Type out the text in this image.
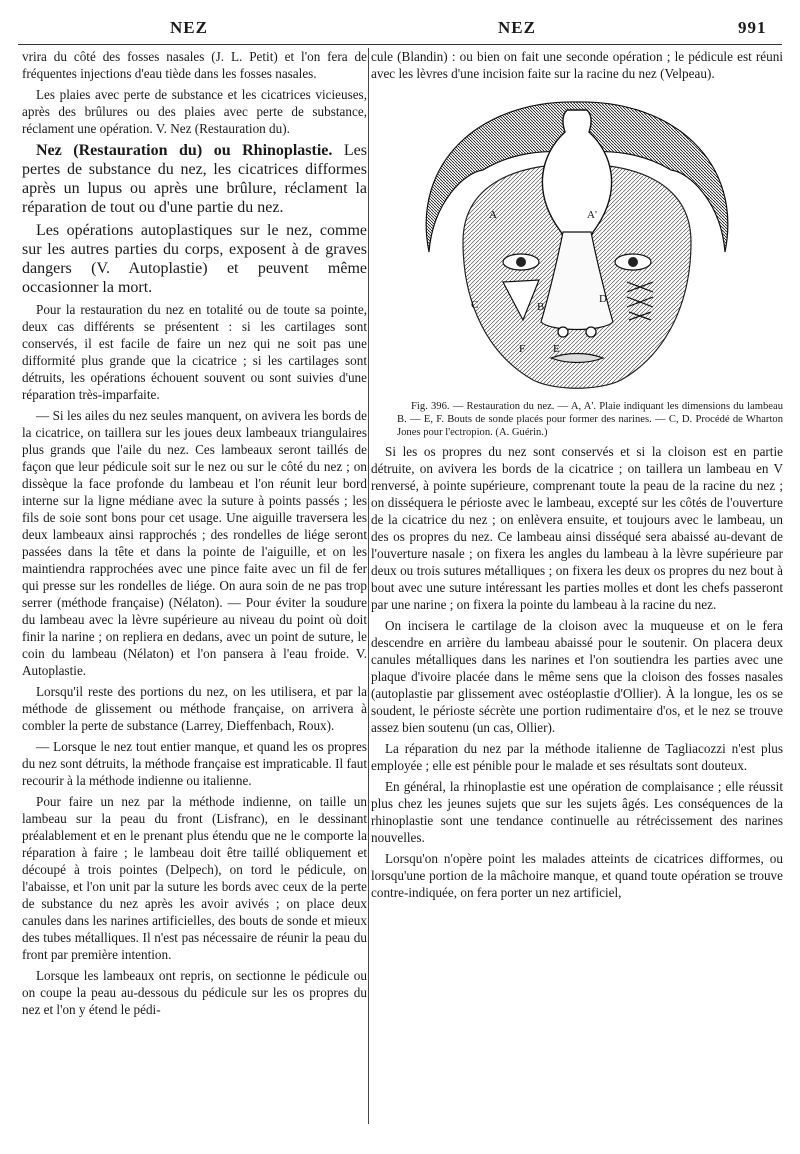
NEZ	NEZ	991

vrira du côté des fosses nasales (J. L. Petit) et l'on fera de fréquentes injections d'eau tiède dans les fosses nasales.

Les plaies avec perte de substance et les cicatrices vicieuses, après des brûlures ou des plaies avec perte de substance, réclament une opération. V. Nez (Restauration du).

Nez (Restauration du) ou Rhinoplastie. Les pertes de substance du nez, les cicatrices difformes après un lupus ou après une brûlure, réclament la réparation de tout ou d'une partie du nez.

Les opérations autoplastiques sur le nez, comme sur les autres parties du corps, exposent à de graves dangers (V. Autoplastie) et peuvent même occasionner la mort.

Pour la restauration du nez en totalité ou de toute sa pointe, deux cas différents se présentent : si les cartilages sont conservés, il est facile de faire un nez qui ne soit pas une difformité plus grande que la cicatrice ; si les cartilages sont détruits, les opérations échouent souvent ou sont suivies d'une réparation très-imparfaite.

— Si les ailes du nez seules manquent, on avivera les bords de la cicatrice, on taillera sur les joues deux lambeaux triangulaires plus grands que l'aile du nez. Ces lambeaux seront taillés de façon que leur pédicule soit sur le nez ou sur le côté du nez ; on dissèque la face profonde du lambeau et l'on réunit leur bord interne sur la ligne médiane avec la suture à points passés ; les fils de soie sont bons pour cet usage. Une aiguille traversera les deux lambeaux ainsi rapprochés ; des rondelles de liége seront passées dans la tête et dans la pointe de l'aiguille, et on les maintiendra rapprochées avec une pince faite avec un fil de fer qui presse sur les rondelles de liége. On aura soin de ne pas trop serrer (méthode française) (Nélaton). — Pour éviter la soudure du lambeau avec la lèvre supérieure au niveau du point où doit finir la narine ; on repliera en dedans, avec un point de suture, le coin du lambeau (Nélaton) et l'on pansera à l'eau froide. V. Autoplastie.

Lorsqu'il reste des portions du nez, on les utilisera, et par la méthode de glissement ou méthode française, on arrivera à combler la perte de substance (Larrey, Dieffenbach, Roux).

— Lorsque le nez tout entier manque, et quand les os propres du nez sont détruits, la méthode française est impraticable. Il faut recourir à la méthode indienne ou italienne.

Pour faire un nez par la méthode indienne, on taille un lambeau sur la peau du front (Lisfranc), en le dessinant préalablement et en le prenant plus étendu que ne le comporte la réparation à faire ; le lambeau doit être taillé obliquement et découpé à trois pointes (Delpech), on tord le pédicule, on l'abaisse, et l'on unit par la suture les bords avec ceux de la perte de substance du nez après les avoir avivés ; on place deux canules dans les narines artificielles, des bouts de sonde et mieux des tubes métalliques. Il n'est pas nécessaire de réunir la peau du front par première intention.

Lorsque les lambeaux ont repris, on sectionne le pédicule ou on coupe la peau au-dessous du pédicule sur les os propres du nez et l'on y étend le pédi-

cule (Blandin) : ou bien on fait une seconde opération ; le pédicule est réuni avec les lèvres d'une incision faite sur la racine du nez (Velpeau).

A	A'
B
C	D
E
F

Fig. 396. — Restauration du nez. — A, A'. Plaie indiquant les dimensions du lambeau B. — E, F. Bouts de sonde placés pour former des narines. — C, D. Procédé de Wharton Jones pour l'ectropion. (A. Guérin.)

Si les os propres du nez sont conservés et si la cloison est en partie détruite, on avivera les bords de la cicatrice ; on taillera un lambeau en V renversé, à pointe supérieure, comprenant toute la peau de la racine du nez ; on disséquera le périoste avec le lambeau, excepté sur les côtés de l'ouverture de la cicatrice du nez ; on enlèvera ensuite, et toujours avec le lambeau, un des os propres du nez. Ce lambeau ainsi disséqué sera abaissé au-devant de l'ouverture nasale ; on fixera les angles du lambeau à la lèvre supérieure par deux ou trois sutures métalliques ; on fixera les deux os propres du nez bout à bout avec une suture intéressant les parties molles et dont les chefs passeront par une narine ; on fixera la pointe du lambeau à la racine du nez.

On incisera le cartilage de la cloison avec la muqueuse et on le fera descendre en arrière du lambeau abaissé pour le soutenir. On placera deux canules métalliques dans les narines et l'on soutiendra les parties avec une plaque d'ivoire placée dans le même sens que la cloison des fosses nasales (autoplastie par glissement avec ostéoplastie d'Ollier). À la longue, les os se soudent, le périoste sécrète une portion rudimentaire d'os, et le nez se trouve assez bien soutenu (un cas, Ollier).

La réparation du nez par la méthode italienne de Tagliacozzi n'est plus employée ; elle est pénible pour le malade et ses résultats sont douteux.

En général, la rhinoplastie est une opération de complaisance ; elle réussit plus chez les jeunes sujets que sur les sujets âgés. Les conséquences de la rhinoplastie sont une tendance continuelle au rétrécissement des narines nouvelles.

Lorsqu'on n'opère point les malades atteints de cicatrices difformes, ou lorsqu'une portion de la mâchoire manque, et quand toute opération se trouve contre-indiquée, on fera porter un nez artificiel,
